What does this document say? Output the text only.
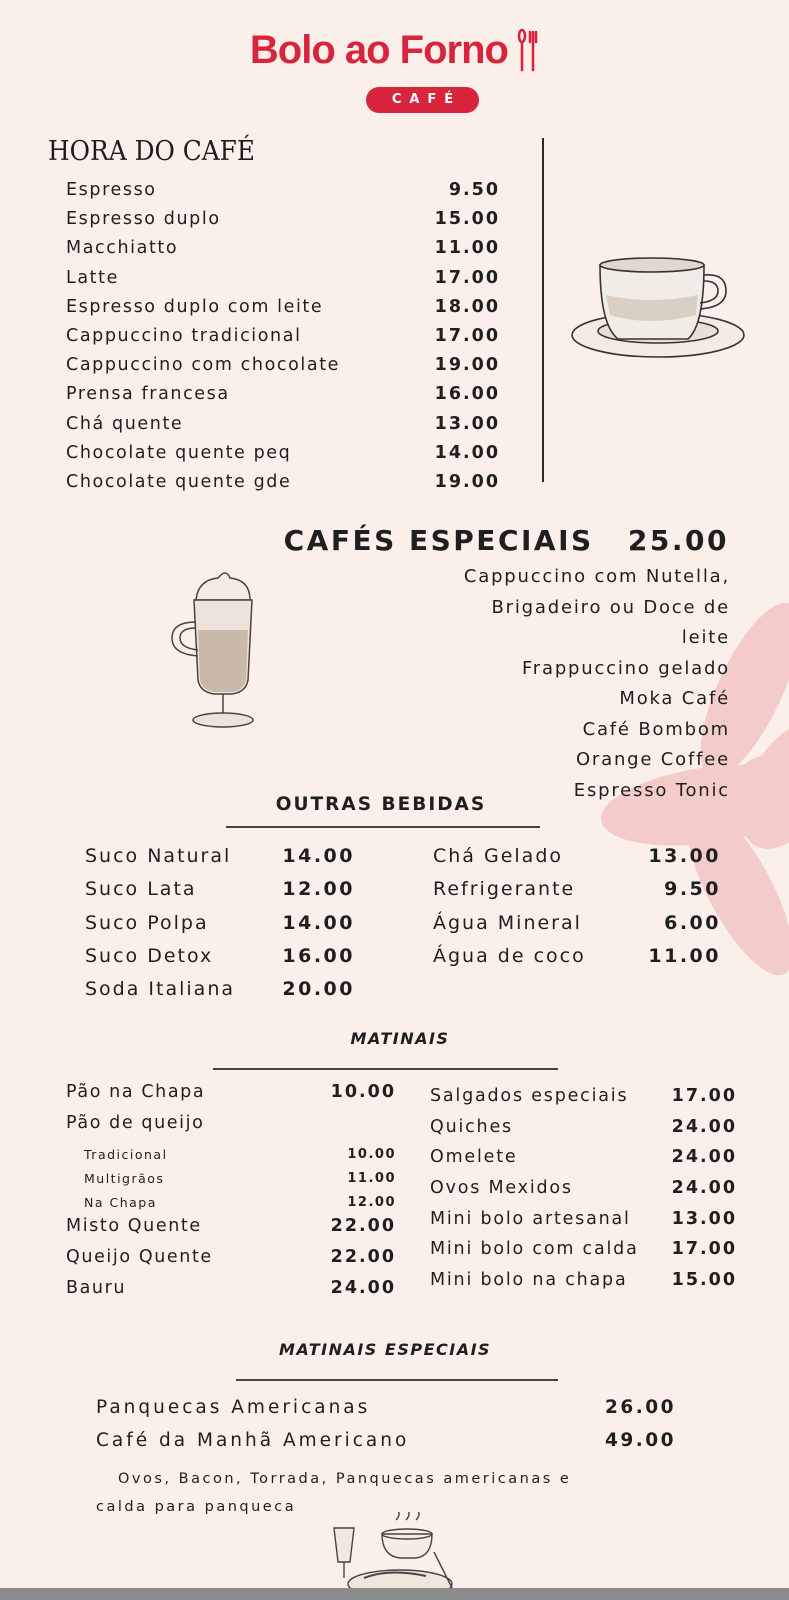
Bolo ao Forno
CAFÉ
HORA DO CAFÉ
Espresso	9.50
Espresso duplo	15.00
Macchiatto	11.00
Latte	17.00
Espresso duplo com leite	18.00
Cappuccino tradicional	17.00
Cappuccino com chocolate	19.00
Prensa francesa	16.00
Chá quente	13.00
Chocolate quente peq	14.00
Chocolate quente gde	19.00
CAFÉS ESPECIAIS 25.00
Cappuccino com Nutella,
Brigadeiro ou Doce de
leite
Frappuccino gelado
Moka Café
Café Bombom
Orange Coffee
Espresso Tonic
OUTRAS BEBIDAS
Suco Natural	14.00
Suco Lata	12.00
Suco Polpa	14.00
Suco Detox	16.00
Soda Italiana 20.00
Chá Gelado	13.00
Refrigerante	9.50
Água Mineral	6.00
Água de coco	11.00
MATINAIS
Pão na Chapa	10.00
Pão de queijo
Tradicional	10.00
Multigrãos	11.00
Na Chapa	12.00
Misto Quente	22.00
Queijo Quente	22.00
Bauru	24.00
Salgados especiais 17.00
Quiches	24.00
Omelete	24.00
Ovos Mexidos	24.00
Mini bolo artesanal 13.00
Mini bolo com calda 17.00
Mini bolo na chapa	15.00
MATINAIS ESPECIAIS
Panquecas Americanas	26.00
Café da Manhã Americano	49.00

Ovos, Bacon, Torrada, Panquecas americanas e calda para panqueca
